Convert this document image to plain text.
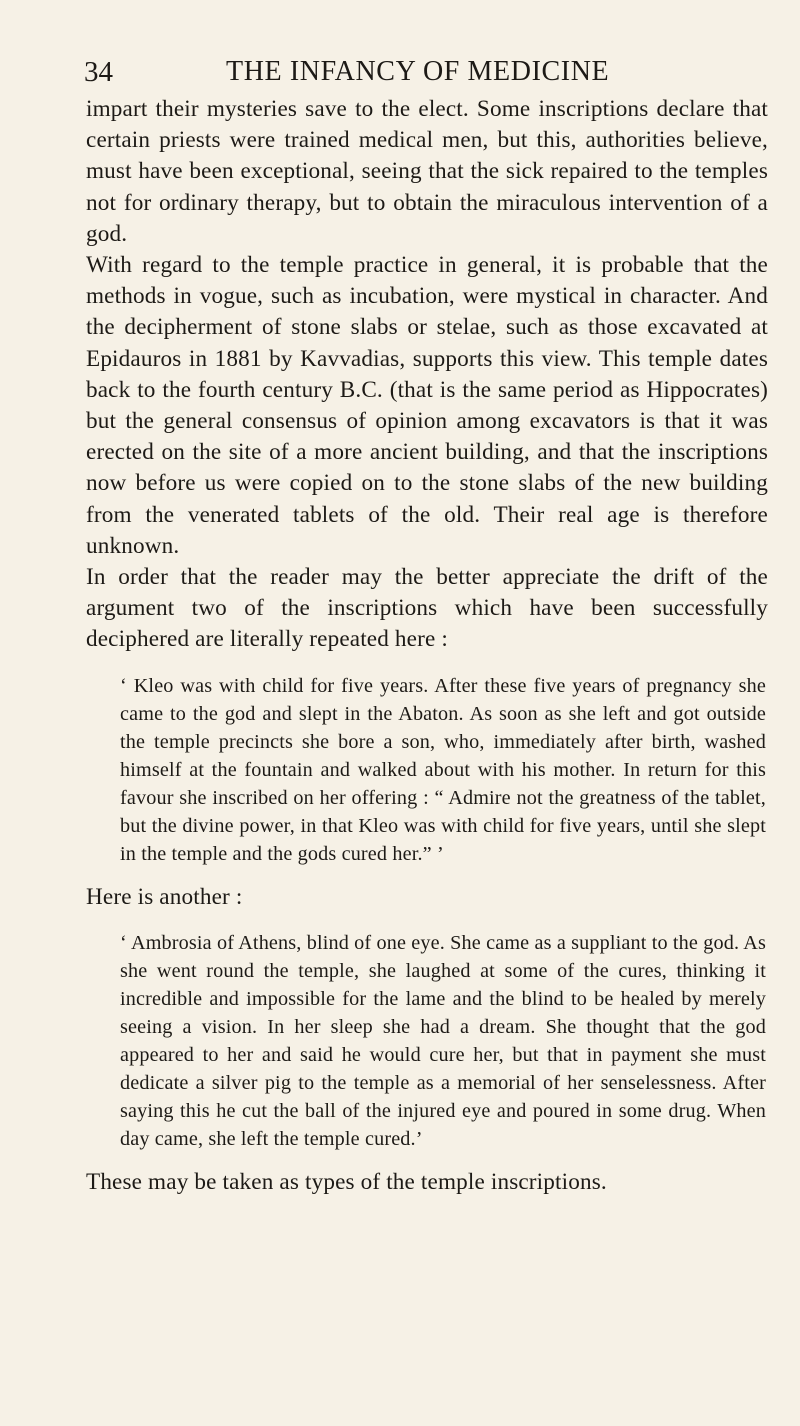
34	THE INFANCY OF MEDICINE

impart their mysteries save to the elect. Some inscriptions declare that certain priests were trained medical men, but this, authorities believe, must have been exceptional, seeing that the sick repaired to the temples not for ordinary therapy, but to obtain the miraculous intervention of a god.

With regard to the temple practice in general, it is probable that the methods in vogue, such as incubation, were mystical in character. And the decipherment of stone slabs or stelae, such as those excavated at Epidauros in 1881 by Kavvadias, supports this view. This temple dates back to the fourth century B.C. (that is the same period as Hippocrates) but the general consensus of opinion among excavators is that it was erected on the site of a more ancient building, and that the inscriptions now before us were copied on to the stone slabs of the new building from the venerated tablets of the old. Their real age is therefore unknown.

In order that the reader may the better appreciate the drift of the argument two of the inscriptions which have been successfully deciphered are literally repeated here :

‘ Kleo was with child for five years. After these five years of pregnancy she came to the god and slept in the Abaton. As soon as she left and got outside the temple precincts she bore a son, who, immediately after birth, washed himself at the fountain and walked about with his mother. In return for this favour she inscribed on her offering : “ Admire not the greatness of the tablet, but the divine power, in that Kleo was with child for five years, until she slept in the temple and the gods cured her.” ’

Here is another :

‘ Ambrosia of Athens, blind of one eye. She came as a suppliant to the god. As she went round the temple, she laughed at some of the cures, thinking it incredible and impossible for the lame and the blind to be healed by merely seeing a vision. In her sleep she had a dream. She thought that the god appeared to her and said he would cure her, but that in payment she must dedicate a silver pig to the temple as a memorial of her senselessness. After saying this he cut the ball of the injured eye and poured in some drug. When day came, she left the temple cured.’

These may be taken as types of the temple inscriptions.
